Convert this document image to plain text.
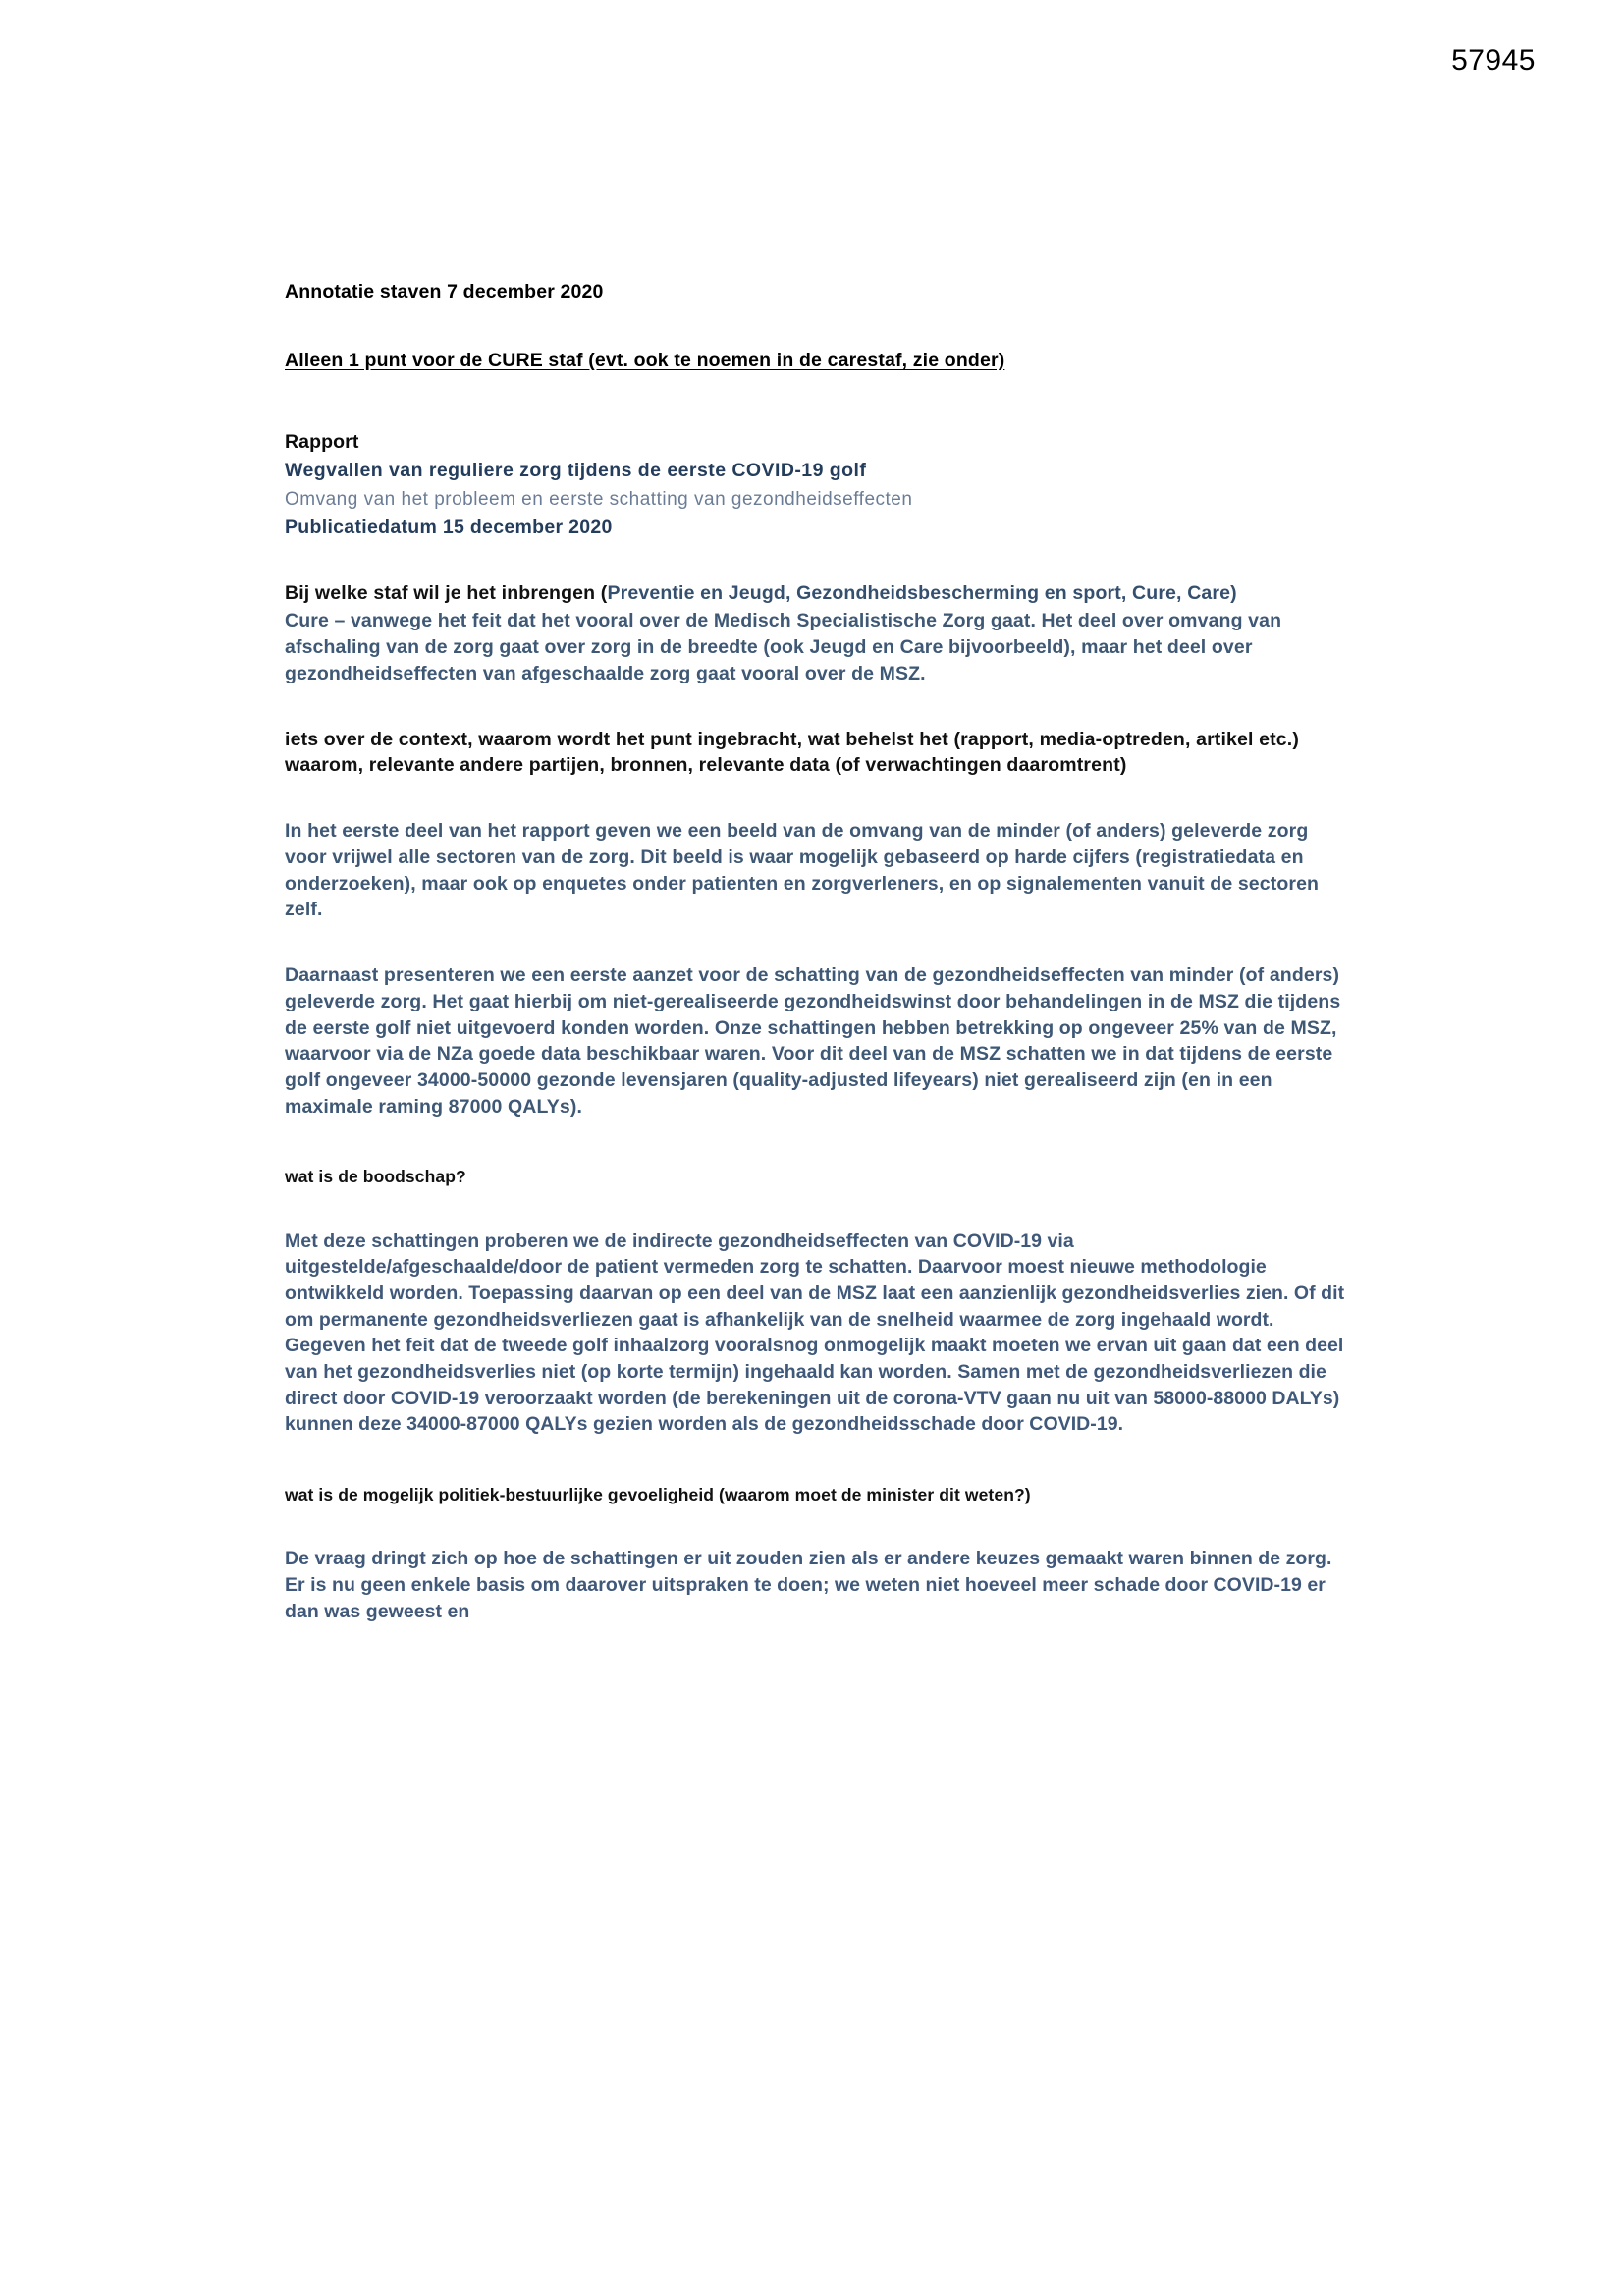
57945

Annotatie staven 7 december 2020

Alleen 1 punt voor de CURE staf (evt. ook te noemen in de carestaf, zie onder)

Rapport

Wegvallen van reguliere zorg tijdens de eerste COVID-19 golf

Omvang van het probleem en eerste schatting van gezondheidseffecten

Publicatiedatum 15 december 2020

Bij welke staf wil je het inbrengen (Preventie en Jeugd, Gezondheidsbescherming en sport, Cure, Care)

Cure – vanwege het feit dat het vooral over de Medisch Specialistische Zorg gaat. Het deel over omvang van afschaling van de zorg gaat over zorg in de breedte (ook Jeugd en Care bijvoorbeeld), maar het deel over gezondheidseffecten van afgeschaalde zorg gaat vooral over de MSZ.

iets over de context, waarom wordt het punt ingebracht, wat behelst het (rapport, media-optreden, artikel etc.) waarom, relevante andere partijen, bronnen, relevante data (of verwachtingen daaromtrent)

In het eerste deel van het rapport geven we een beeld van de omvang van de minder (of anders) geleverde zorg voor vrijwel alle sectoren van de zorg. Dit beeld is waar mogelijk gebaseerd op harde cijfers (registratiedata en onderzoeken), maar ook op enquetes onder patienten en zorgverleners, en op signalementen vanuit de sectoren zelf.

Daarnaast presenteren we een eerste aanzet voor de schatting van de gezondheidseffecten van minder (of anders) geleverde zorg. Het gaat hierbij om niet-gerealiseerde gezondheidswinst door behandelingen in de MSZ die tijdens de eerste golf niet uitgevoerd konden worden. Onze schattingen hebben betrekking op ongeveer 25% van de MSZ, waarvoor via de NZa goede data beschikbaar waren. Voor dit deel van de MSZ schatten we in dat tijdens de eerste golf ongeveer 34000-50000 gezonde levensjaren (quality-adjusted lifeyears) niet gerealiseerd zijn (en in een maximale raming 87000 QALYs).

wat is de boodschap?

Met deze schattingen proberen we de indirecte gezondheidseffecten van COVID-19 via uitgestelde/afgeschaalde/door de patient vermeden zorg te schatten. Daarvoor moest nieuwe methodologie ontwikkeld worden. Toepassing daarvan op een deel van de MSZ laat een aanzienlijk gezondheidsverlies zien. Of dit om permanente gezondheidsverliezen gaat is afhankelijk van de snelheid waarmee de zorg ingehaald wordt. Gegeven het feit dat de tweede golf inhaalzorg vooralsnog onmogelijk maakt moeten we ervan uit gaan dat een deel van het gezondheidsverlies niet (op korte termijn) ingehaald kan worden. Samen met de gezondheidsverliezen die direct door COVID-19 veroorzaakt worden (de berekeningen uit de corona-VTV gaan nu uit van 58000-88000 DALYs) kunnen deze 34000-87000 QALYs gezien worden als de gezondheidsschade door COVID-19.

wat is de mogelijk politiek-bestuurlijke gevoeligheid (waarom moet de minister dit weten?)

De vraag dringt zich op hoe de schattingen er uit zouden zien als er andere keuzes gemaakt waren binnen de zorg. Er is nu geen enkele basis om daarover uitspraken te doen; we weten niet hoeveel meer schade door COVID-19 er dan was geweest en
